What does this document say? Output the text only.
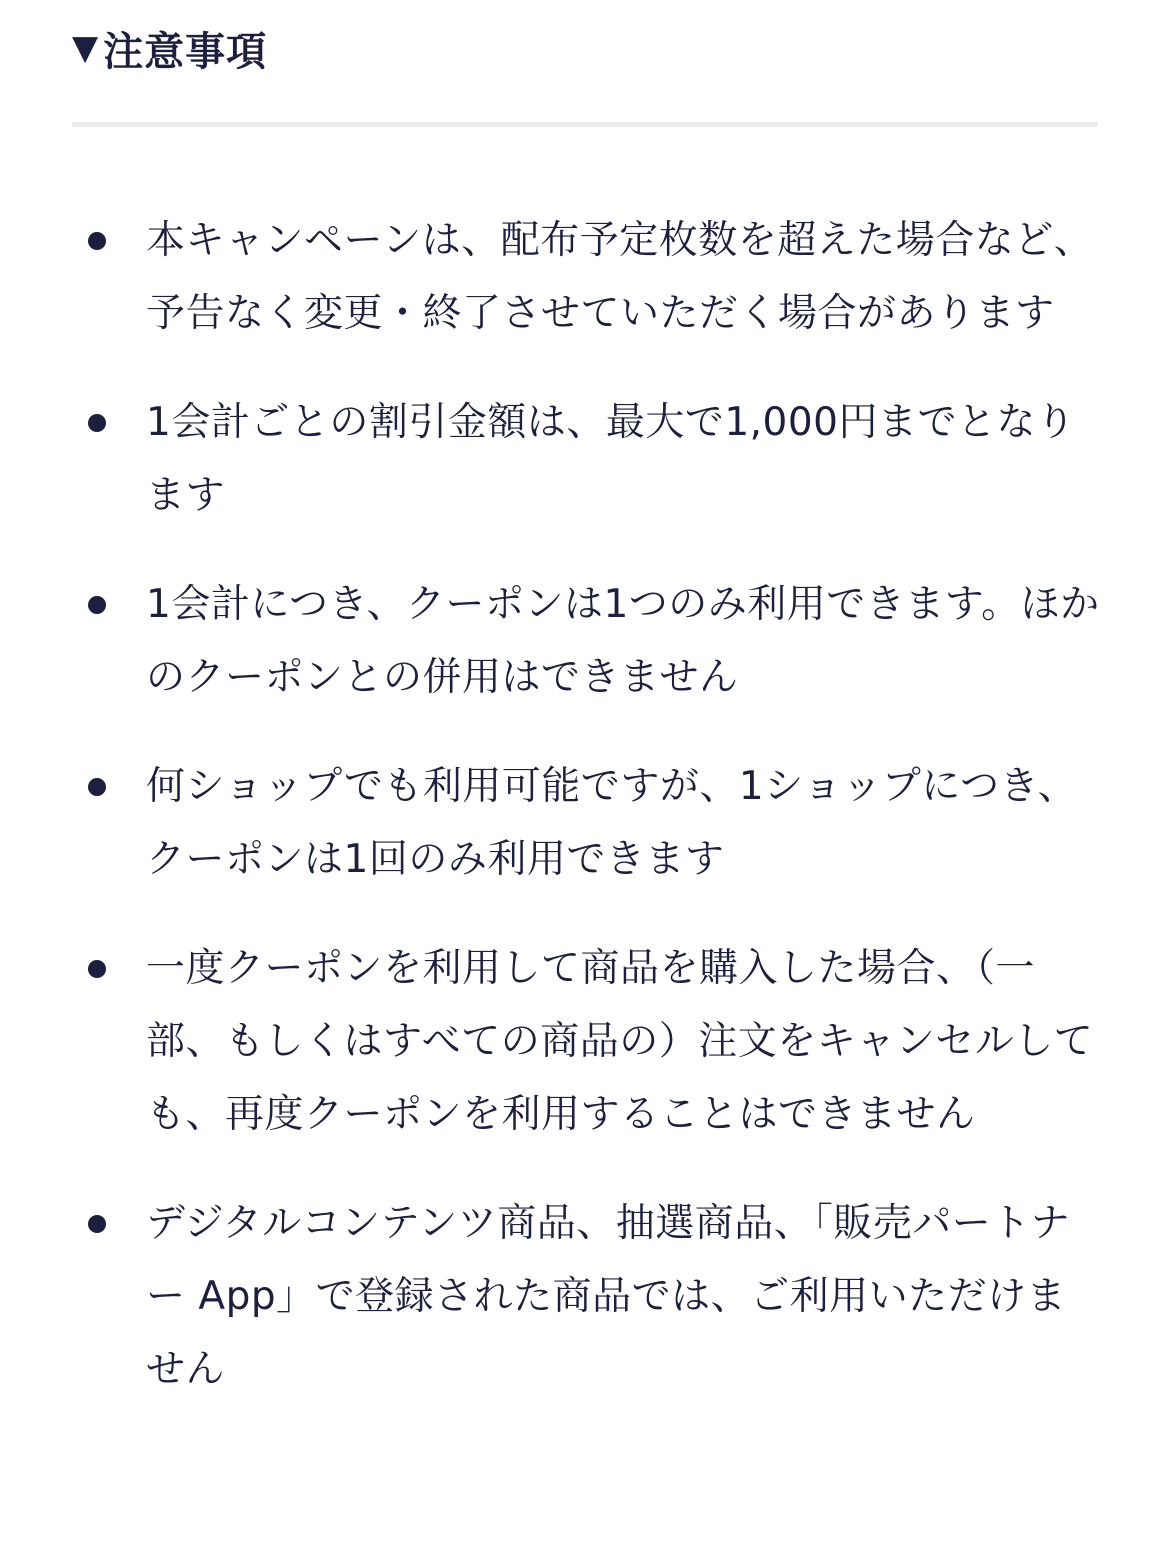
▼ 注意事項
本キャンペーンは、配布予定枚数を超えた場合など、予告なく変更・終了させていただく場合があります
1会計ごとの割引金額は、最大で1,000円までとなります
1会計につき、クーポンは1つのみ利用できます。ほかのクーポンとの併用はできません
何ショップでも利用可能ですが、1ショップにつき、クーポンは1回のみ利用できます
一度クーポンを利用して商品を購入した場合、（一部、もしくはすべての商品の）注文をキャンセルしても、再度クーポンを利用することはできません
デジタルコンテンツ商品、抽選商品、「販売パートナー App」で登録された商品では、ご利用いただけません
